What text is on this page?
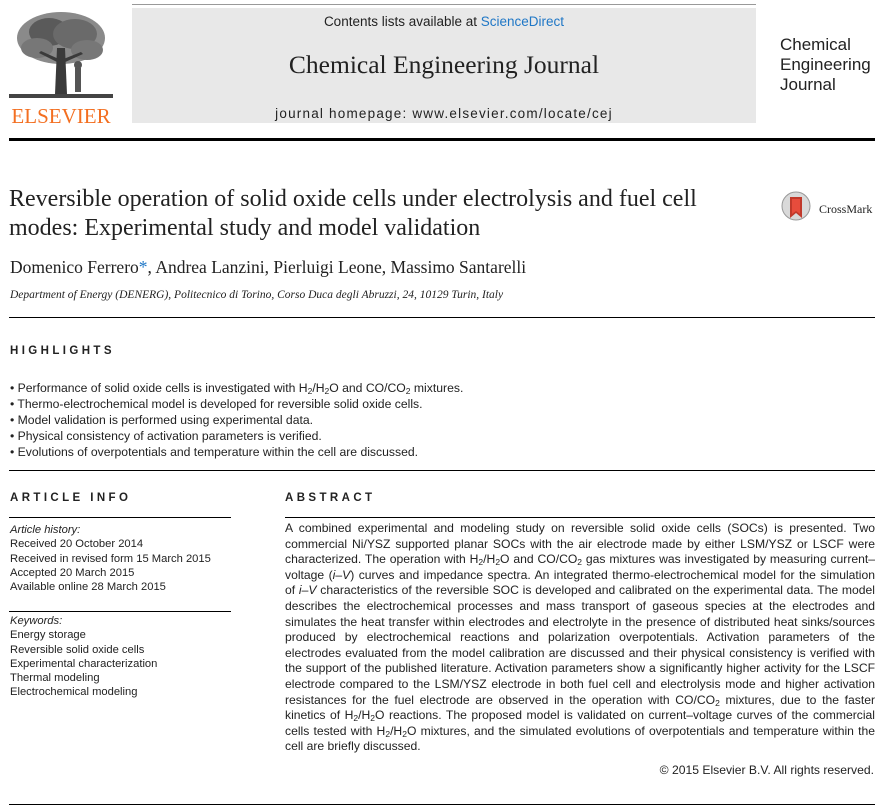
ELSEVIER
Contents lists available at ScienceDirect
Chemical Engineering Journal
journal homepage: www.elsevier.com/locate/cej
Chemical
Engineering
Journal
Reversible operation of solid oxide cells under electrolysis and fuel cell
modes: Experimental study and model validation
CrossMark
Domenico Ferrero*, Andrea Lanzini, Pierluigi Leone, Massimo Santarelli
Department of Energy (DENERG), Politecnico di Torino, Corso Duca degli Abruzzi, 24, 10129 Turin, Italy
HIGHLIGHTS
• Performance of solid oxide cells is investigated with $H_2/H_2O$ and $CO/CO_2$ mixtures.
• Thermo-electrochemical model is developed for reversible solid oxide cells.
• Model validation is performed using experimental data.
• Physical consistency of activation parameters is verified.
• Evolutions of overpotentials and temperature within the cell are discussed.
ARTICLE INFO
Article history:
Received 20 October 2014
Received in revised form 15 March 2015
Accepted 20 March 2015
Available online 28 March 2015
Keywords:
Energy storage
Reversible solid oxide cells
Experimental characterization
Thermal modeling
Electrochemical modeling
ABSTRACT
A combined experimental and modeling study on reversible solid oxide cells (SOCs) is presented. Two commercial Ni/YSZ supported planar SOCs with the air electrode made by either LSM/YSZ or LSCF were characterized. The operation with $H_2/H_2O$ and $CO/CO_2$ gas mixtures was investigated by measuring current–voltage (i–V) curves and impedance spectra. An integrated thermo-electrochemical model for the simulation of i–V characteristics of the reversible SOC is developed and calibrated on the experimental data. The model describes the electrochemical processes and mass transport of gaseous species at the electrodes and simulates the heat transfer within electrodes and electrolyte in the presence of distributed heat sinks/sources produced by electrochemical reactions and polarization overpotentials. Activation parameters of the electrodes evaluated from the model calibration are discussed and their physical consistency is verified with the support of the published literature. Activation parameters show a significantly higher activity for the LSCF electrode compared to the LSM/YSZ electrode in both fuel cell and electrolysis mode and higher activation resistances for the fuel electrode are observed in the operation with $CO/CO_2$ mixtures, due to the faster kinetics of $H_2/H_2O$ reactions. The proposed model is validated on current–voltage curves of the commercial cells tested with $H_2/H_2O$ mixtures, and the simulated evolutions of overpotentials and temperature within the cell are briefly discussed.
© 2015 Elsevier B.V. All rights reserved.
